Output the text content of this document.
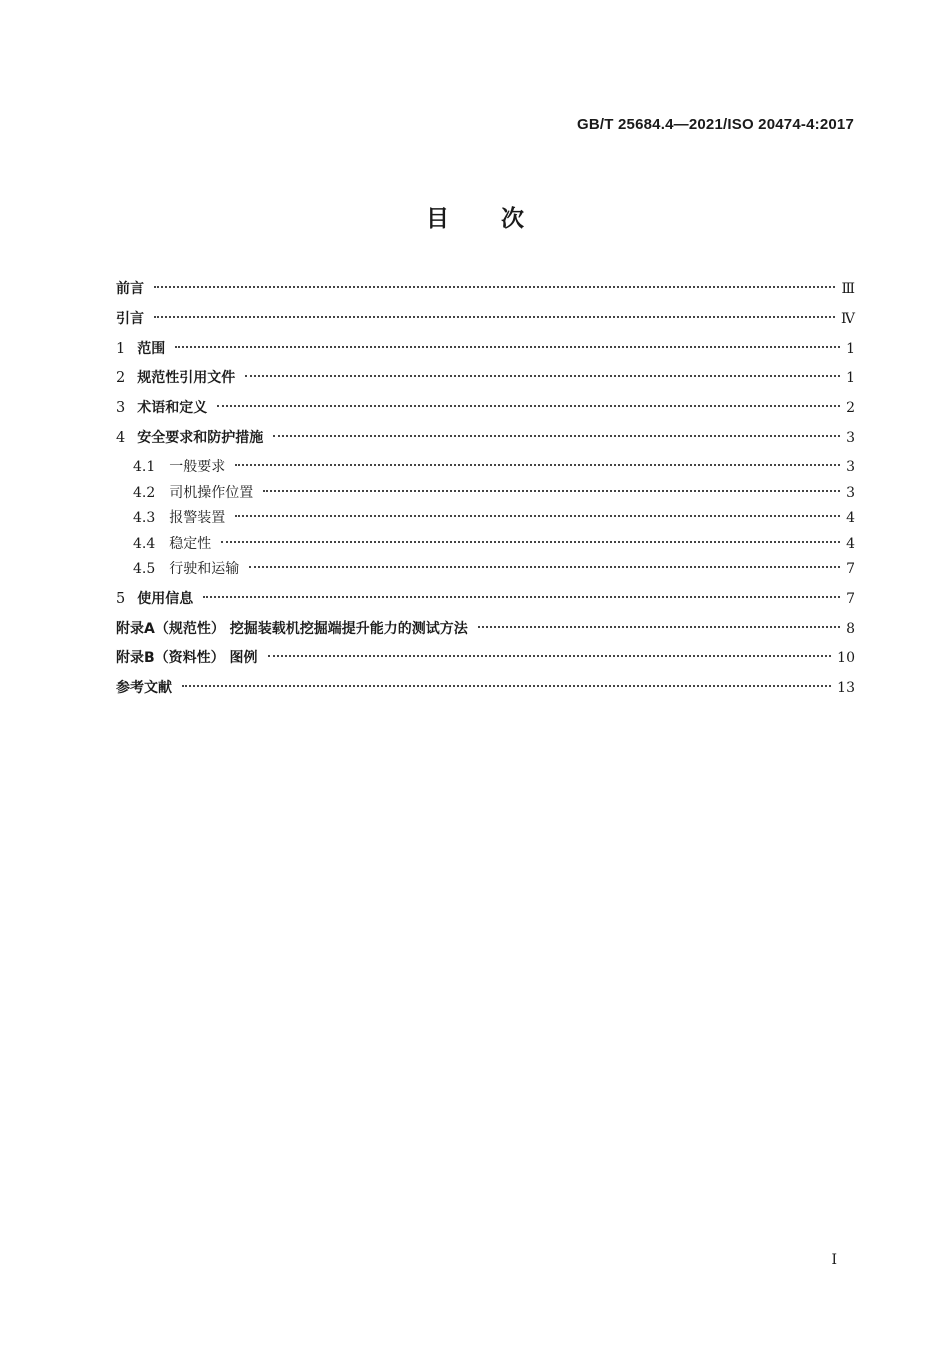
GB/T 25684.4—2021/ISO 20474-4:2017
目次
前言	Ⅲ
引言	Ⅳ
1 范围	1
2 规范性引用文件	1
3 术语和定义	2
4 安全要求和防护措施	3
4.1 一般要求	3
4.2 司机操作位置	3
4.3 报警装置	4
4.4 稳定性	4
4.5 行驶和运输	7
5 使用信息	7
附录A（规范性） 挖掘装载机挖掘端提升能力的测试方法	8
附录B（资料性） 图例	10
参考文献	13
I
